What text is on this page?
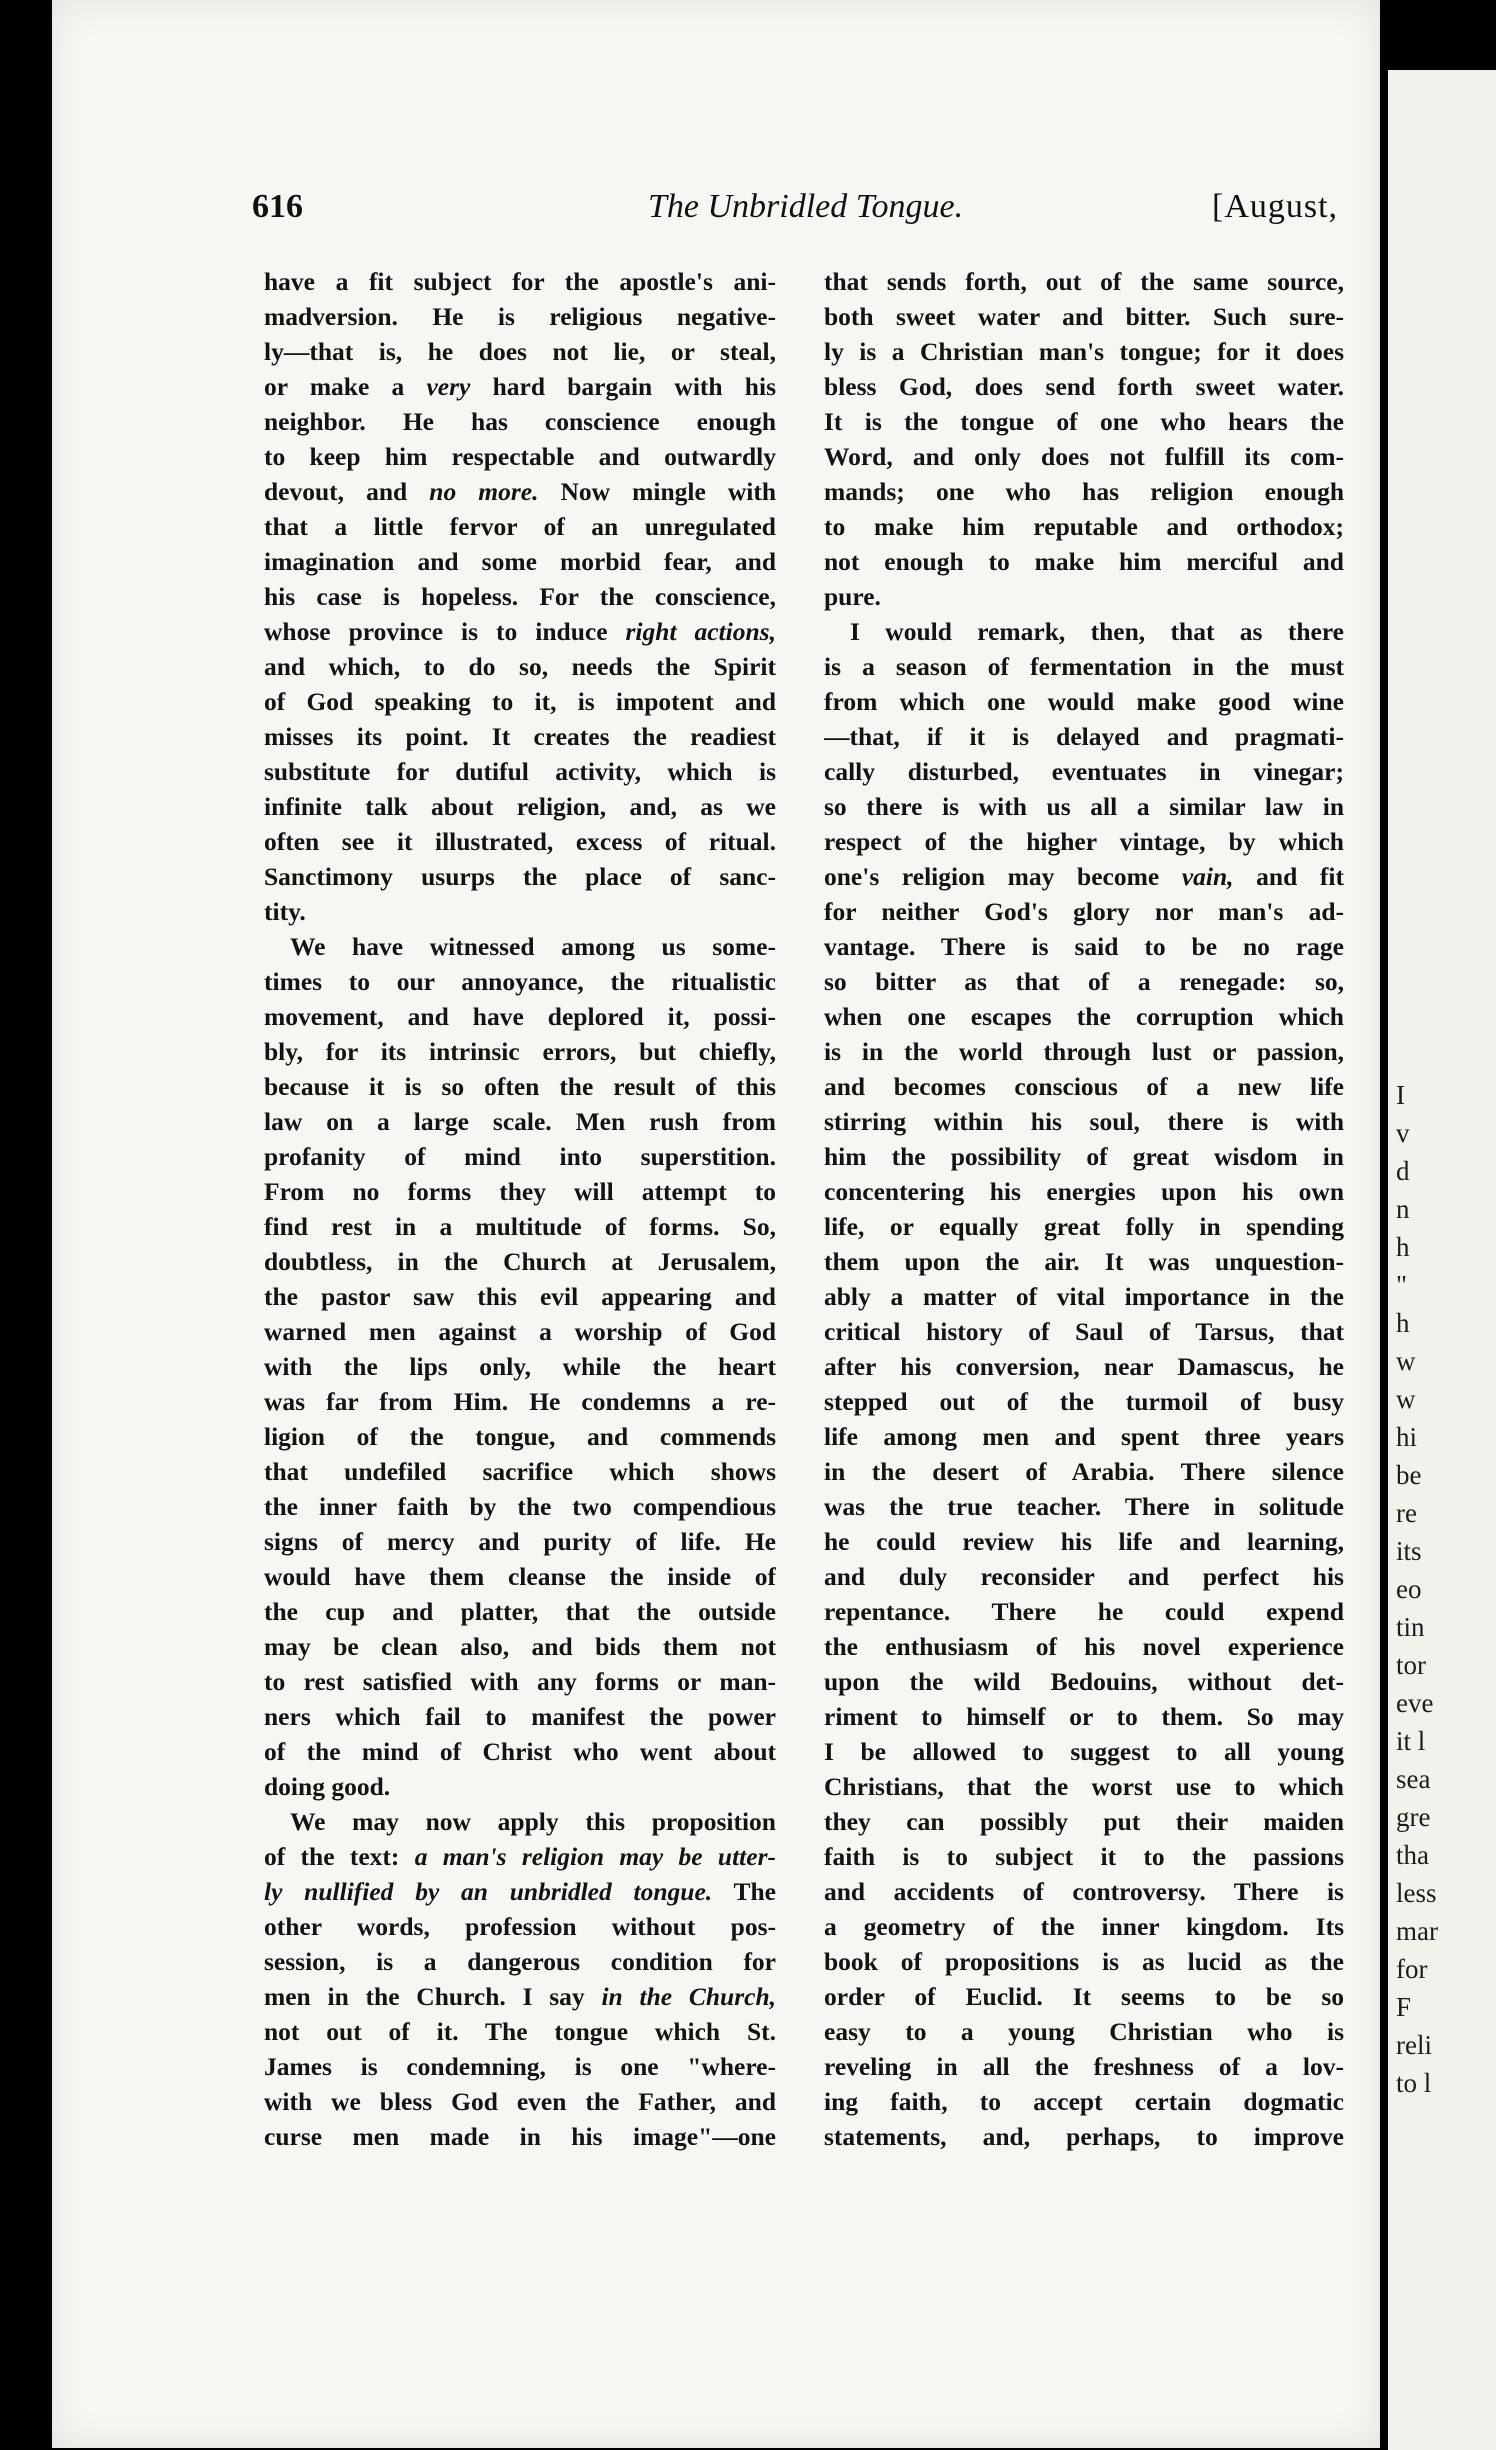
616	The Unbridled Tongue.	[August,
have a fit subject for the apostle's ani-
madversion. He is religious negative-
ly—that is, he does not lie, or steal,
or make a very hard bargain with his
neighbor. He has conscience enough
to keep him respectable and outwardly
devout, and no more. Now mingle with
that a little fervor of an unregulated
imagination and some morbid fear, and
his case is hopeless. For the conscience,
whose province is to induce right actions,
and which, to do so, needs the Spirit
of God speaking to it, is impotent and
misses its point. It creates the readiest
substitute for dutiful activity, which is
infinite talk about religion, and, as we
often see it illustrated, excess of ritual.
Sanctimony usurps the place of sanc-
tity.
We have witnessed among us some-
times to our annoyance, the ritualistic
movement, and have deplored it, possi-
bly, for its intrinsic errors, but chiefly,
because it is so often the result of this
law on a large scale. Men rush from
profanity of mind into superstition.
From no forms they will attempt to
find rest in a multitude of forms. So,
doubtless, in the Church at Jerusalem,
the pastor saw this evil appearing and
warned men against a worship of God
with the lips only, while the heart
was far from Him. He condemns a re-
ligion of the tongue, and commends
that undefiled sacrifice which shows
the inner faith by the two compendious
signs of mercy and purity of life. He
would have them cleanse the inside of
the cup and platter, that the outside
may be clean also, and bids them not
to rest satisfied with any forms or man-
ners which fail to manifest the power
of the mind of Christ who went about
doing good.
We may now apply this proposition
of the text: a man's religion may be utter-
ly nullified by an unbridled tongue. The
other words, profession without pos-
session, is a dangerous condition for
men in the Church. I say in the Church,
not out of it. The tongue which St.
James is condemning, is one "where-
with we bless God even the Father, and
curse men made in his image"—one
that sends forth, out of the same source,
both sweet water and bitter. Such sure-
ly is a Christian man's tongue; for it does
bless God, does send forth sweet water.
It is the tongue of one who hears the
Word, and only does not fulfill its com-
mands; one who has religion enough
to make him reputable and orthodox;
not enough to make him merciful and
pure.
I would remark, then, that as there
is a season of fermentation in the must
from which one would make good wine
—that, if it is delayed and pragmati-
cally disturbed, eventuates in vinegar;
so there is with us all a similar law in
respect of the higher vintage, by which
one's religion may become vain, and fit
for neither God's glory nor man's ad-
vantage. There is said to be no rage
so bitter as that of a renegade: so,
when one escapes the corruption which
is in the world through lust or passion,
and becomes conscious of a new life
stirring within his soul, there is with
him the possibility of great wisdom in
concentering his energies upon his own
life, or equally great folly in spending
them upon the air. It was unquestion-
ably a matter of vital importance in the
critical history of Saul of Tarsus, that
after his conversion, near Damascus, he
stepped out of the turmoil of busy
life among men and spent three years
in the desert of Arabia. There silence
was the true teacher. There in solitude
he could review his life and learning,
and duly reconsider and perfect his
repentance. There he could expend
the enthusiasm of his novel experience
upon the wild Bedouins, without det-
riment to himself or to them. So may
I be allowed to suggest to all young
Christians, that the worst use to which
they can possibly put their maiden
faith is to subject it to the passions
and accidents of controversy. There is
a geometry of the inner kingdom. Its
book of propositions is as lucid as the
order of Euclid. It seems to be so
easy to a young Christian who is
reveling in all the freshness of a lov-
ing faith, to accept certain dogmatic
statements, and, perhaps, to improve
I
v
d
n
h
"
h
w
w
hi
be
re
its
eo
tin
tor
eve
it l
sea
gre
tha
less
mar
for
F
reli
to l
